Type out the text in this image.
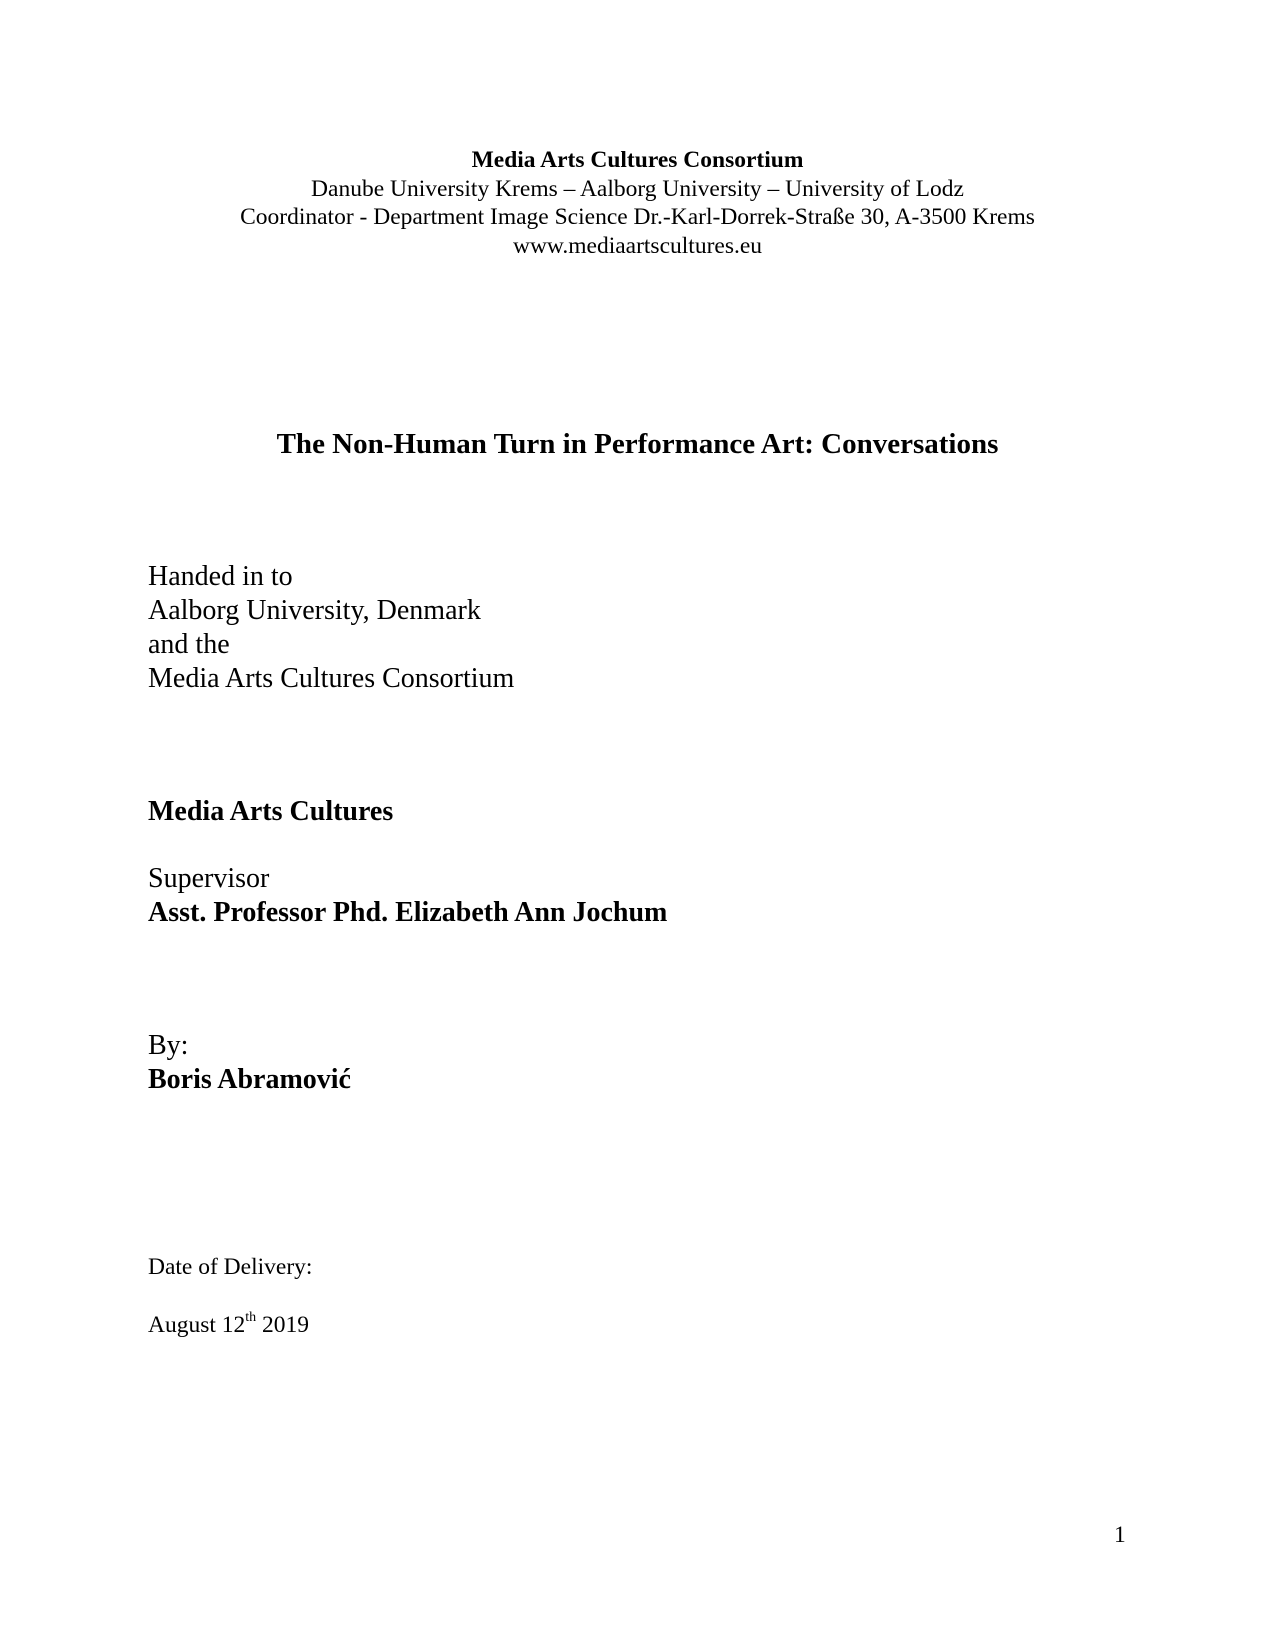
Media Arts Cultures Consortium
Danube University Krems – Aalborg University – University of Lodz
Coordinator - Department Image Science Dr.-Karl-Dorrek-Straße 30, A-3500 Krems
www.mediaartscultures.eu
The Non-Human Turn in Performance Art: Conversations
Handed in to
Aalborg University, Denmark
and the
Media Arts Cultures Consortium
Media Arts Cultures
Supervisor
Asst. Professor Phd. Elizabeth Ann Jochum
By:
Boris Abramović
Date of Delivery:
August 12th 2019
1
